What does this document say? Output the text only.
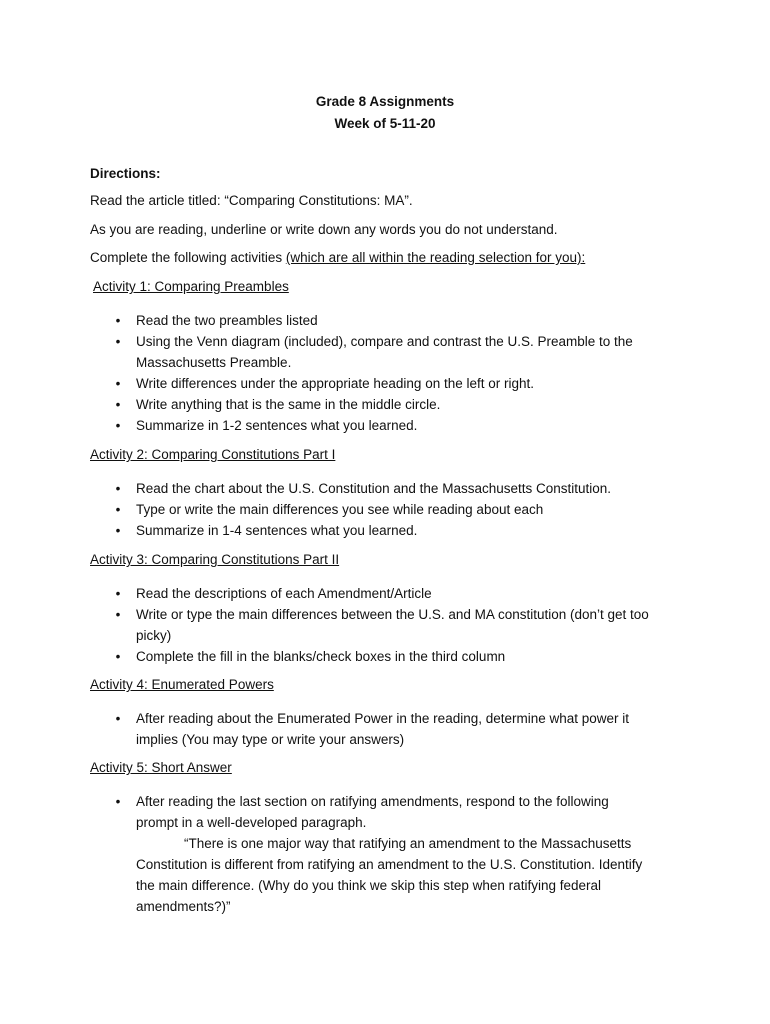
Grade 8 Assignments
Week of 5-11-20
Directions:
Read the article titled: “Comparing Constitutions: MA”.
As you are reading, underline or write down any words you do not understand.
Complete the following activities (which are all within the reading selection for you):
Activity 1: Comparing Preambles
• Read the two preambles listed
• Using the Venn diagram (included), compare and contrast the U.S. Preamble to the
Massachusetts Preamble.
• Write differences under the appropriate heading on the left or right.
• Write anything that is the same in the middle circle.
• Summarize in 1-2 sentences what you learned.
Activity 2: Comparing Constitutions Part I
• Read the chart about the U.S. Constitution and the Massachusetts Constitution.
• Type or write the main differences you see while reading about each
• Summarize in 1-4 sentences what you learned.
Activity 3: Comparing Constitutions Part II
• Read the descriptions of each Amendment/Article
• Write or type the main differences between the U.S. and MA constitution (don’t get too
picky)
• Complete the fill in the blanks/check boxes in the third column
Activity 4: Enumerated Powers
• After reading about the Enumerated Power in the reading, determine what power it
implies (You may type or write your answers)
Activity 5: Short Answer
• After reading the last section on ratifying amendments, respond to the following
prompt in a well-developed paragraph.
“There is one major way that ratifying an amendment to the Massachusetts
Constitution is different from ratifying an amendment to the U.S. Constitution. Identify
the main difference. (Why do you think we skip this step when ratifying federal
amendments?)”
